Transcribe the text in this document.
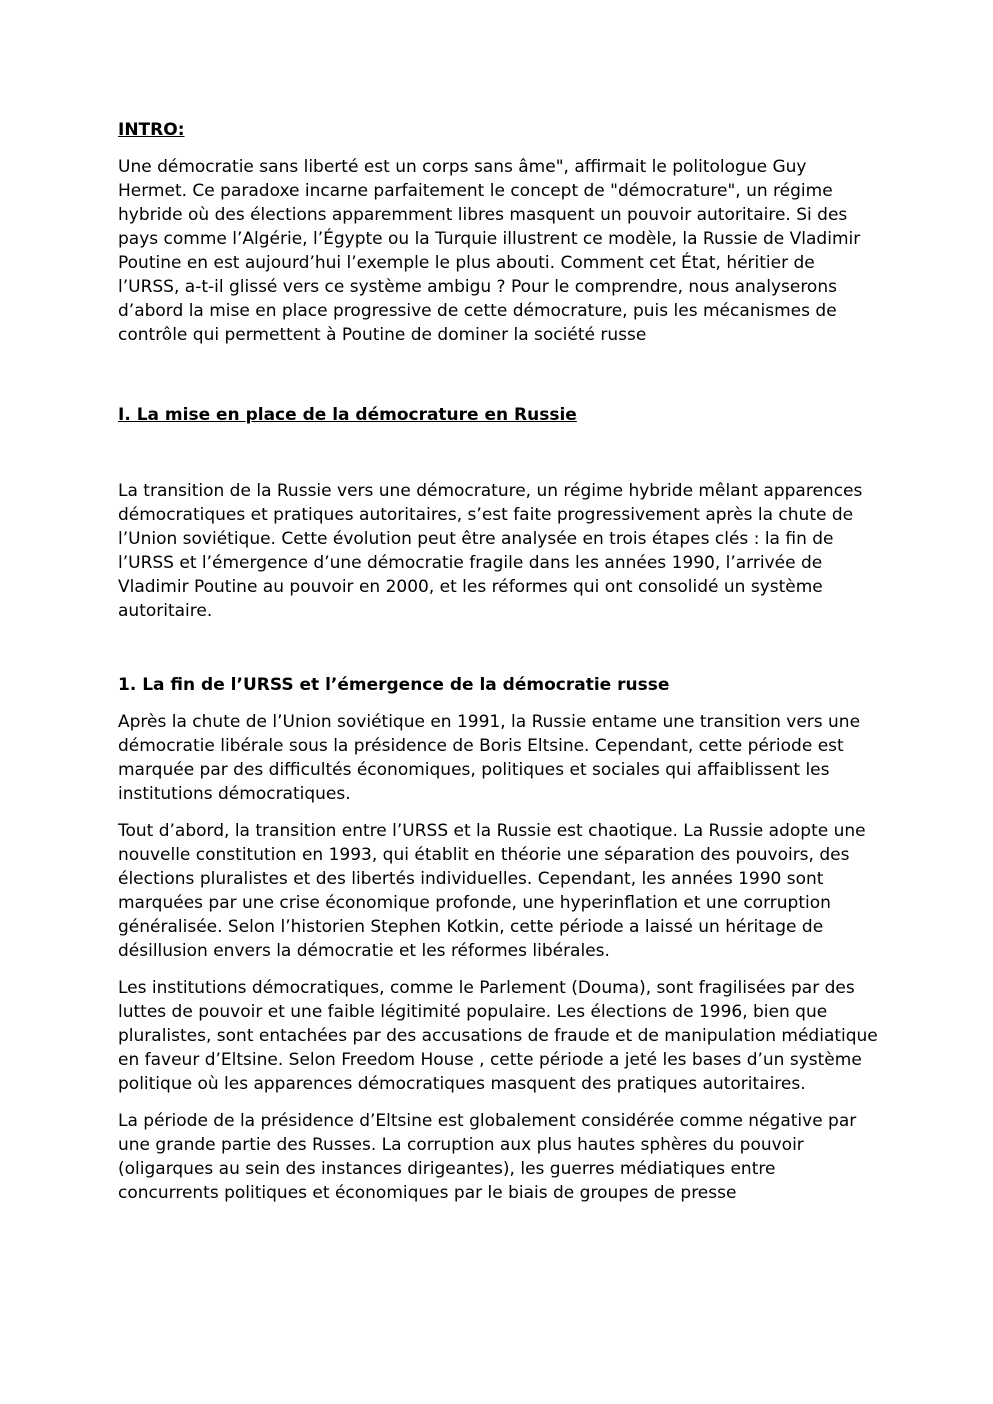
INTRO:

Une démocratie sans liberté est un corps sans âme", affirmait le politologue Guy Hermet. Ce paradoxe incarne parfaitement le concept de "démocrature", un régime hybride où des élections apparemment libres masquent un pouvoir autoritaire. Si des pays comme l’Algérie, l’Égypte ou la Turquie illustrent ce modèle, la Russie de Vladimir Poutine en est aujourd’hui l’exemple le plus abouti. Comment cet État, héritier de l’URSS, a-t-il glissé vers ce système ambigu ? Pour le comprendre, nous analyserons d’abord la mise en place progressive de cette démocrature, puis les mécanismes de contrôle qui permettent à Poutine de dominer la société russe

I. La mise en place de la démocrature en Russie

La transition de la Russie vers une démocrature, un régime hybride mêlant apparences démocratiques et pratiques autoritaires, s’est faite progressivement après la chute de l’Union soviétique. Cette évolution peut être analysée en trois étapes clés : la fin de l’URSS et l’émergence d’une démocratie fragile dans les années 1990, l’arrivée de Vladimir Poutine au pouvoir en 2000, et les réformes qui ont consolidé un système autoritaire.

1. La fin de l’URSS et l’émergence de la démocratie russe

Après la chute de l’Union soviétique en 1991, la Russie entame une transition vers une démocratie libérale sous la présidence de Boris Eltsine. Cependant, cette période est marquée par des difficultés économiques, politiques et sociales qui affaiblissent les institutions démocratiques.

Tout d’abord, la transition entre l’URSS et la Russie est chaotique. La Russie adopte une nouvelle constitution en 1993, qui établit en théorie une séparation des pouvoirs, des élections pluralistes et des libertés individuelles. Cependant, les années 1990 sont marquées par une crise économique profonde, une hyperinflation et une corruption généralisée. Selon l’historien Stephen Kotkin, cette période a laissé un héritage de désillusion envers la démocratie et les réformes libérales.

Les institutions démocratiques, comme le Parlement (Douma), sont fragilisées par des luttes de pouvoir et une faible légitimité populaire. Les élections de 1996, bien que pluralistes, sont entachées par des accusations de fraude et de manipulation médiatique en faveur d’Eltsine. Selon Freedom House , cette période a jeté les bases d’un système politique où les apparences démocratiques masquent des pratiques autoritaires.

La période de la présidence d’Eltsine est globalement considérée comme négative par une grande partie des Russes. La corruption aux plus hautes sphères du pouvoir (oligarques au sein des instances dirigeantes), les guerres médiatiques entre concurrents politiques et économiques par le biais de groupes de presse
